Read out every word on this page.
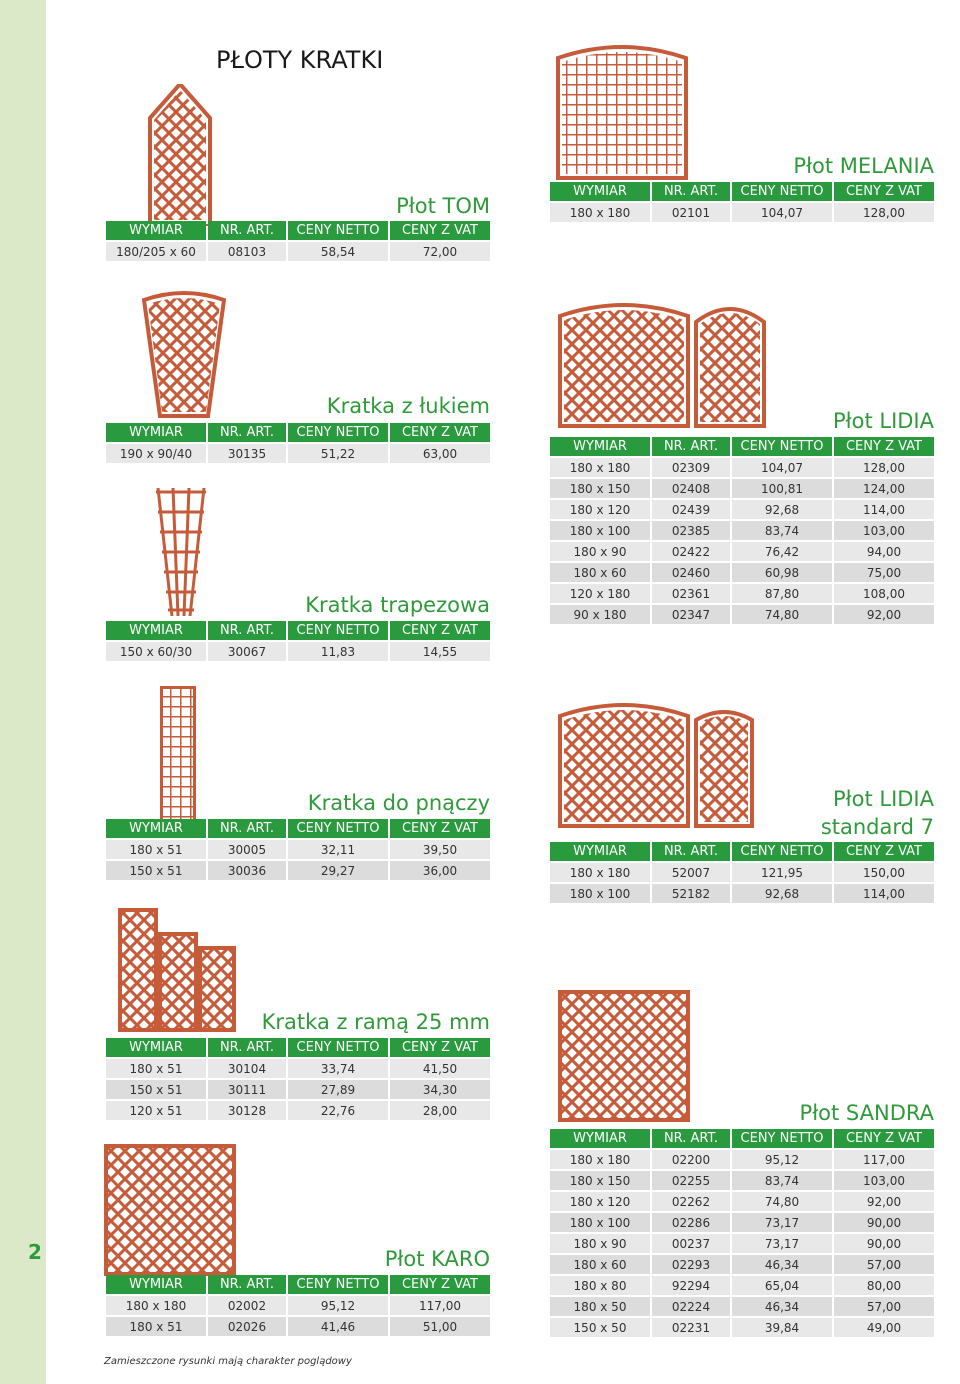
2
PŁOTY KRATKI
Zamieszczone rysunki mają charakter poglądowy
Płot TOM
Płot MELANIA
Kratka z łukiem
Kratka trapezowa
Płot LIDIA
Kratka do pnączy	Płot LIDIA
standard 7
Kratka z ramą 25 mm
Płot KARO
Płot SANDRA
WYMIAR	NR. ART.	CENY NETTO	CENY Z VAT
180/205 x 60	08103	58,54	72,00
WYMIAR	NR. ART.	CENY NETTO	CENY Z VAT
180 x 180	02101	104,07	128,00
WYMIAR	NR. ART.	CENY NETTO	CENY Z VAT
190 x 90/40	30135	51,22	63,00
WYMIAR	NR. ART.	CENY NETTO	CENY Z VAT
150 x 60/30	30067	11,83	14,55
WYMIAR	NR. ART.	CENY NETTO	CENY Z VAT
180 x 180	02309	104,07	128,00
180 x 150	02408	100,81	124,00
180 x 120	02439	92,68	114,00
180 x 100	02385	83,74	103,00
180 x 90	02422	76,42	94,00
180 x 60	02460	60,98	75,00
120 x 180	02361	87,80	108,00
90 x 180	02347	74,80	92,00
WYMIAR	NR. ART.	CENY NETTO	CENY Z VAT
180 x 51	30005	32,11	39,50
150 x 51	30036	29,27	36,00
WYMIAR	NR. ART.	CENY NETTO	CENY Z VAT
180 x 180	52007	121,95	150,00
180 x 100	52182	92,68	114,00
WYMIAR	NR. ART.	CENY NETTO	CENY Z VAT
180 x 51	30104	33,74	41,50
150 x 51	30111	27,89	34,30
120 x 51	30128	22,76	28,00
WYMIAR	NR. ART.	CENY NETTO	CENY Z VAT
180 x 180	02002	95,12	117,00
180 x 51	02026	41,46	51,00
WYMIAR	NR. ART.	CENY NETTO	CENY Z VAT
180 x 180	02200	95,12	117,00
180 x 150	02255	83,74	103,00
180 x 120	02262	74,80	92,00
180 x 100	02286	73,17	90,00
180 x 90	00237	73,17	90,00
180 x 60	02293	46,34	57,00
180 x 80	92294	65,04	80,00
180 x 50	02224	46,34	57,00
150 x 50	02231	39,84	49,00
